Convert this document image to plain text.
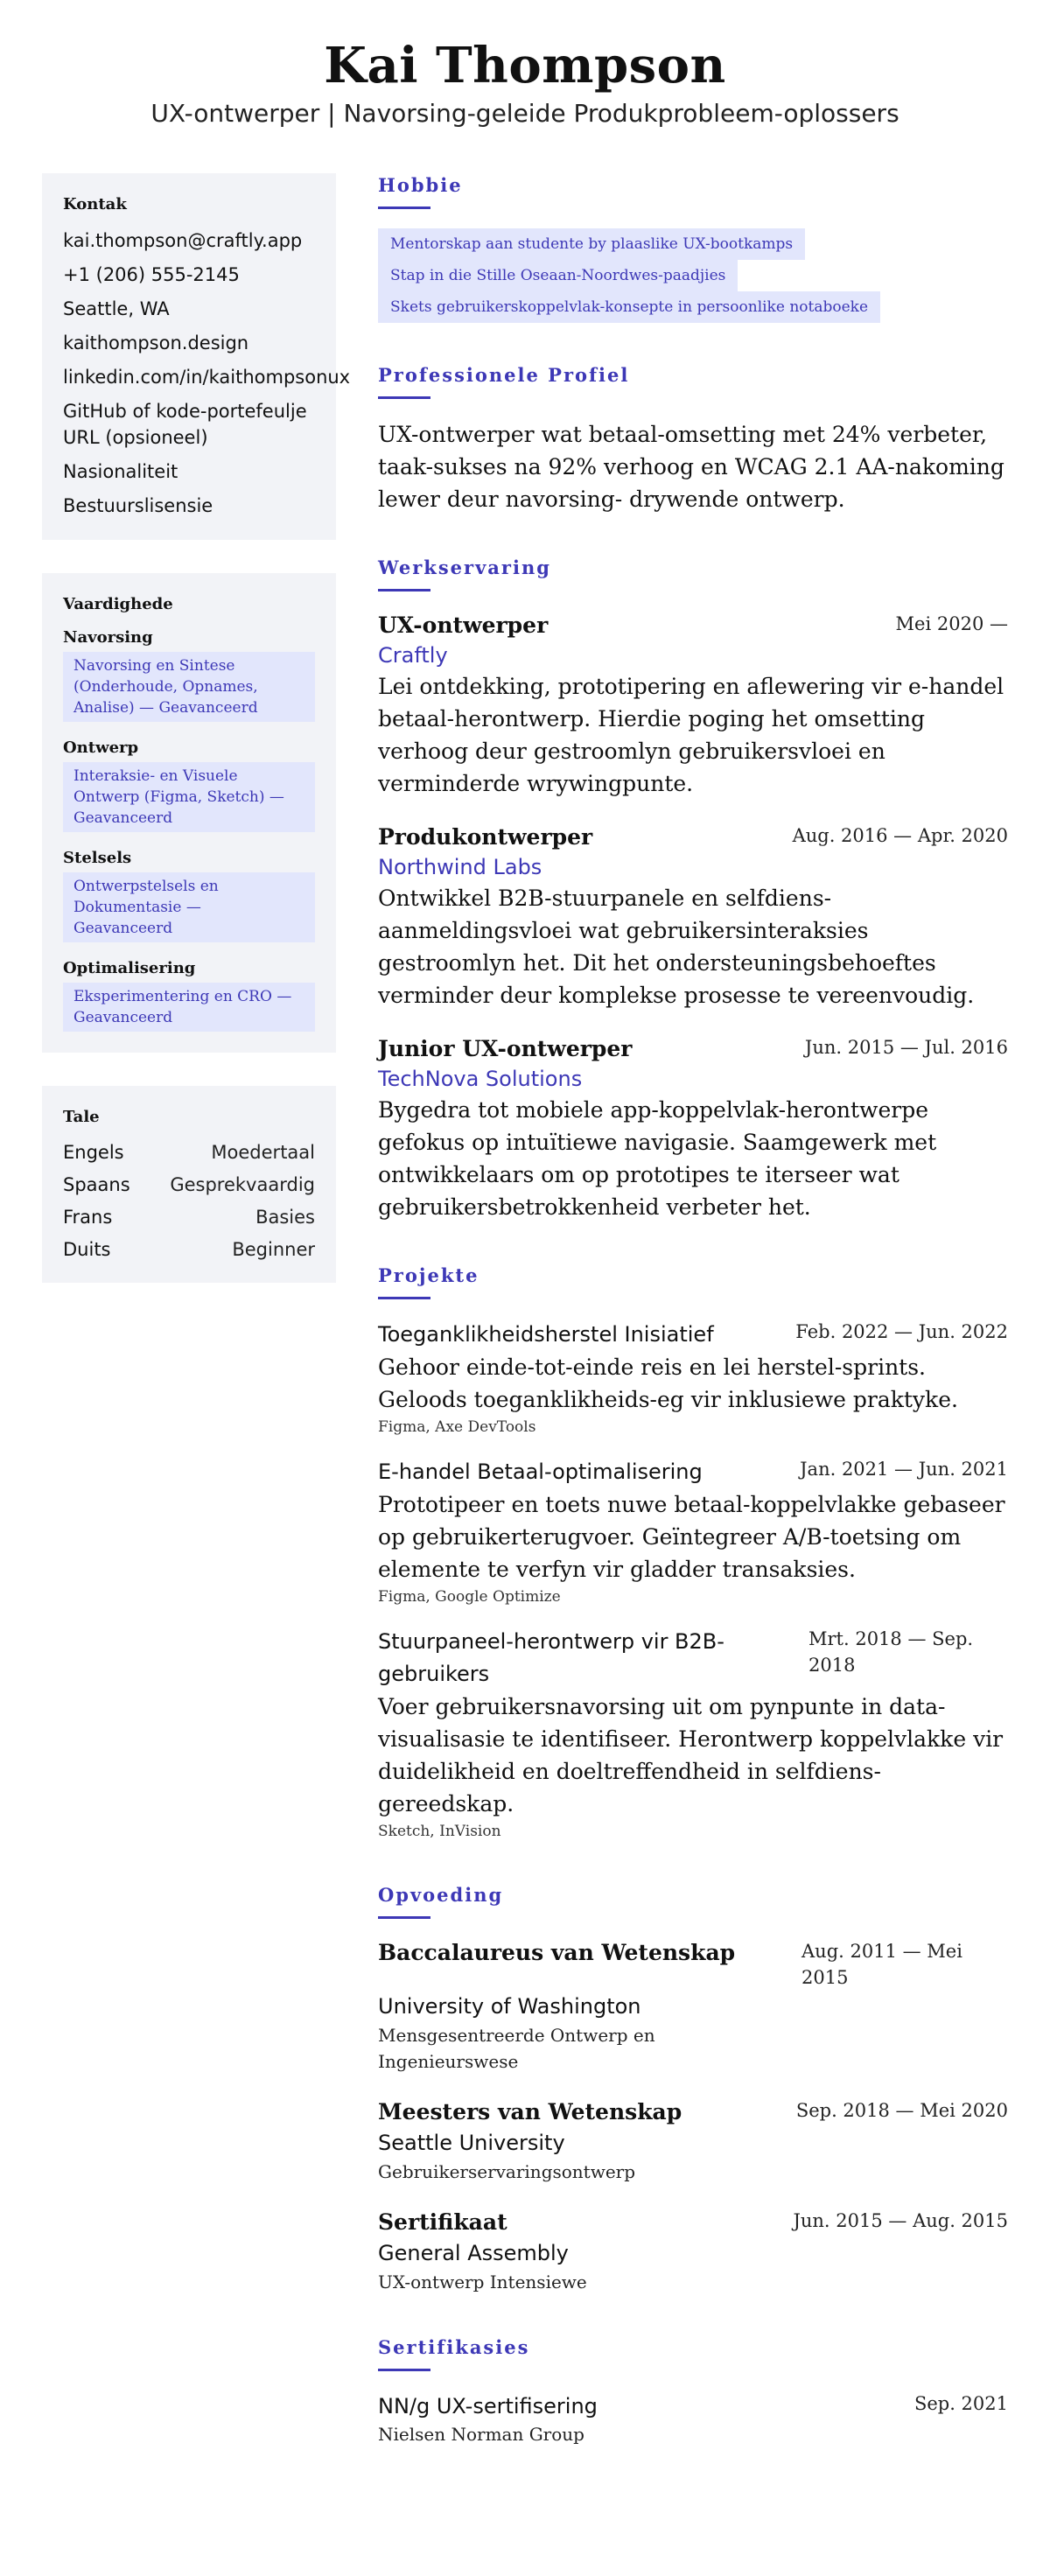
Kai Thompson
UX-ontwerper | Navorsing-geleide Produkprobleem-oplossers
Kontak
kai.thompson@craftly.app
+1 (206) 555-2145
Seattle, WA
kaithompson.design
linkedin.com/in/kaithompsonux
GitHub of kode-portefeulje URL (opsioneel)
Nasionaliteit
Bestuurslisensie
Vaardighede
Navorsing
Navorsing en Sintese (Onderhoude, Opnames, Analise) — Geavanceerd
Ontwerp
Interaksie- en Visuele Ontwerp (Figma, Sketch) — Geavanceerd
Stelsels
Ontwerpstelsels en Dokumentasie — Geavanceerd
Optimalisering
Eksperimentering en CRO — Geavanceerd
Tale
Engels	Moedertaal
Spaans Gesprekvaardig
Frans	Basies
Duits	Beginner
Hobbie
Mentorskap aan studente by plaaslike UX-bootkamps
Stap in die Stille Oseaan-Noordwes-paadjies
Skets gebruikerskoppelvlak-konsepte in persoonlike notaboeke
Professionele Profiel
UX-ontwerper wat betaal-omsetting met 24% verbeter, taak-sukses na 92% verhoog en WCAG 2.1 AA-nakoming lewer deur navorsing- drywende ontwerp.
Werkservaring
UX-ontwerper	Mei 2020 —
Craftly
Lei ontdekking, prototipering en aflewering vir e-handel betaal-herontwerp. Hierdie poging het omsetting verhoog deur gestroomlyn gebruikersvloei en verminderde wrywingpunte.
Produkontwerper	Aug. 2016 — Apr. 2020
Northwind Labs
Ontwikkel B2B-stuurpanele en selfdiens-aanmeldingsvloei wat gebruikersinteraksies gestroomlyn het. Dit het ondersteuningsbehoeftes verminder deur komplekse prosesse te vereenvoudig.
Junior UX-ontwerper	Jun. 2015 — Jul. 2016
TechNova Solutions
Bygedra tot mobiele app-koppelvlak-herontwerpe gefokus op intuïtiewe navigasie. Saamgewerk met ontwikkelaars om op prototipes te iterseer wat gebruikersbetrokkenheid verbeter het.
Projekte
Toeganklikheidsherstel Inisiatief	Feb. 2022 — Jun. 2022
Gehoor einde-tot-einde reis en lei herstel-sprints. Geloods toeganklikheids-eg vir inklusiewe praktyke.
Figma, Axe DevTools
E-handel Betaal-optimalisering	Jan. 2021 — Jun. 2021
Prototipeer en toets nuwe betaal-koppelvlakke gebaseer op gebruikerterugvoer. Geïntegreer A/B-toetsing om elemente te verfyn vir gladder transaksies.
Figma, Google Optimize
Stuurpaneel-herontwerp vir B2B-gebruikers
Mrt. 2018 — Sep. 2018
Voer gebruikersnavorsing uit om pynpunte in data-visualisasie te identifiseer. Herontwerp koppelvlakke vir duidelikheid en doeltreffendheid in selfdiens-gereedskap.
Sketch, InVision
Opvoeding
Baccalaureus van Wetenskap	Aug. 2011 — Mei 2015
University of Washington
Mensgesentreerde Ontwerp en Ingenieurswese
Meesters van Wetenskap	Sep. 2018 — Mei 2020
Seattle University
Gebruikerservaringsontwerp
Sertifikaat	Jun. 2015 — Aug. 2015
General Assembly
UX-ontwerp Intensiewe
Sertifikasies
NN/g UX-sertifisering	Sep. 2021
Nielsen Norman Group
